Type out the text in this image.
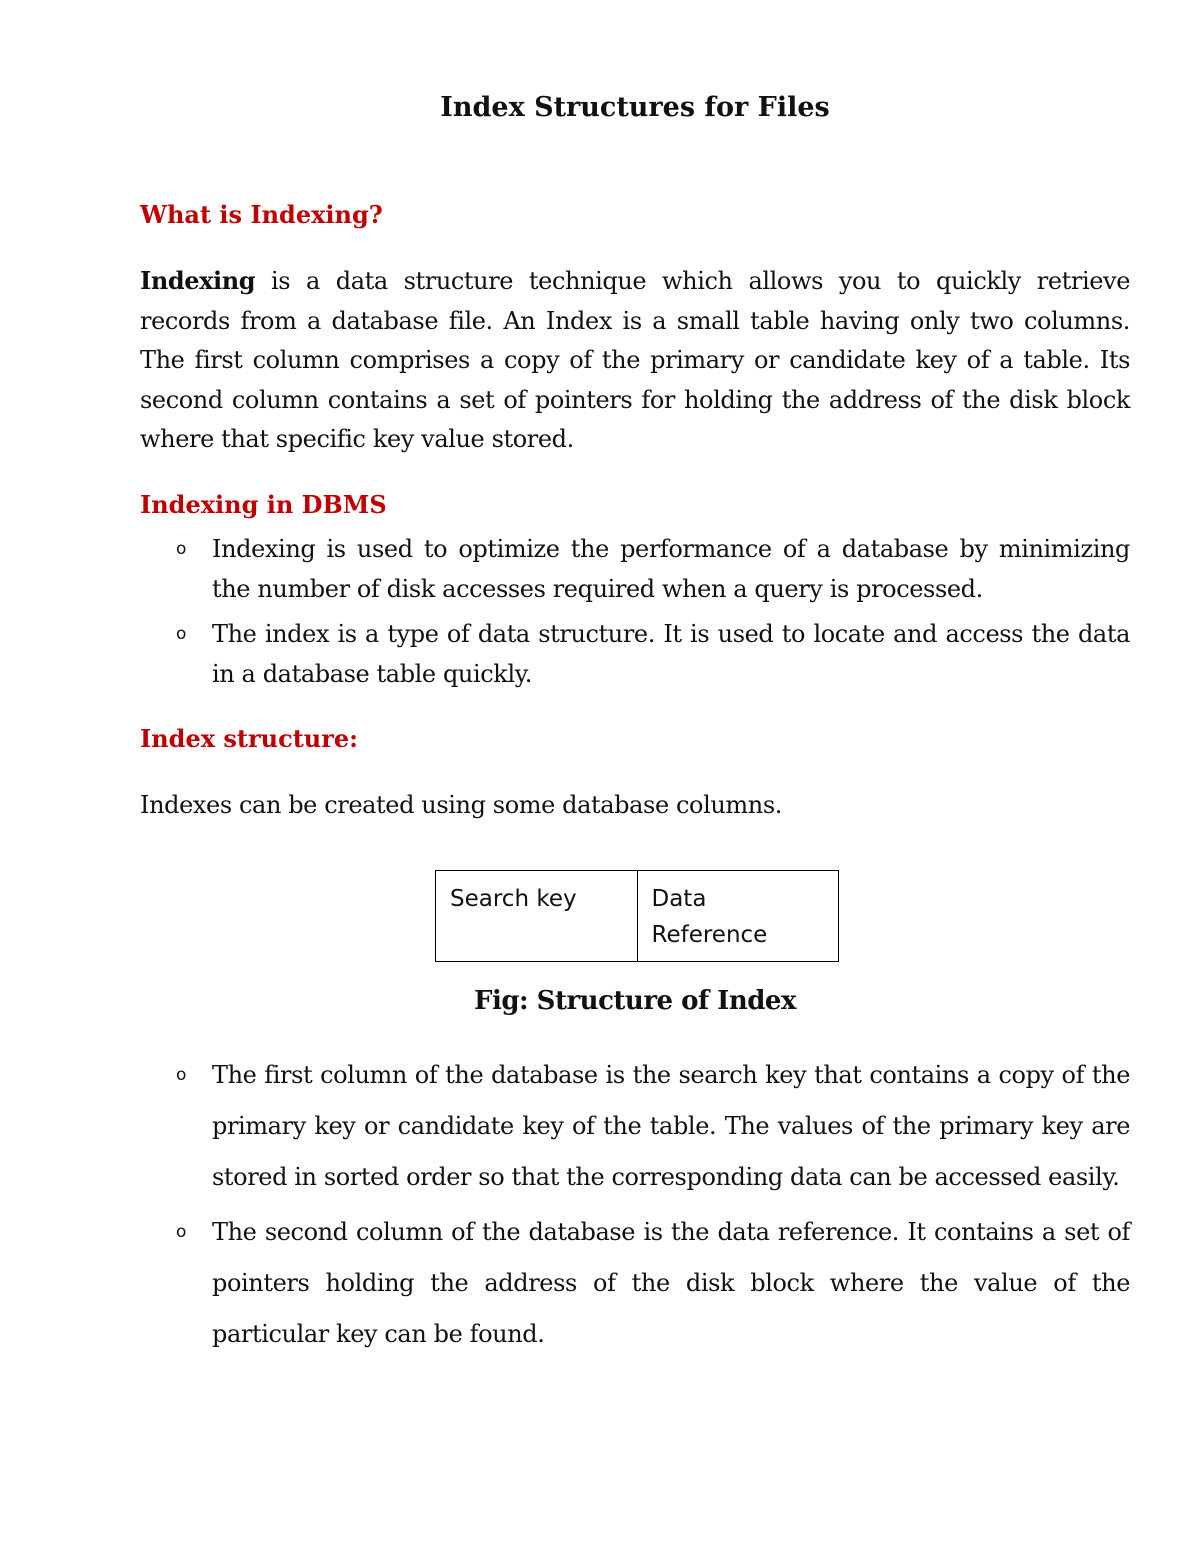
Index Structures for Files
What is Indexing?

Indexing is a data structure technique which allows you to quickly retrieve records from a database file. An Index is a small table having only two columns. The first column comprises a copy of the primary or candidate key of a table. Its second column contains a set of pointers for holding the address of the disk block where that specific key value stored.

Indexing in DBMS
o Indexing is used to optimize the performance of a database by minimizing the number of disk accesses required when a query is processed.
o The index is a type of data structure. It is used to locate and access the data in a database table quickly.
Index structure:

Indexes can be created using some database columns.

Search key	Data Reference

Fig: Structure of Index

o The first column of the database is the search key that contains a copy of the primary key or candidate key of the table. The values of the primary key are stored in sorted order so that the corresponding data can be accessed easily.
o The second column of the database is the data reference. It contains a set of pointers holding the address of the disk block where the value of the particular key can be found.
